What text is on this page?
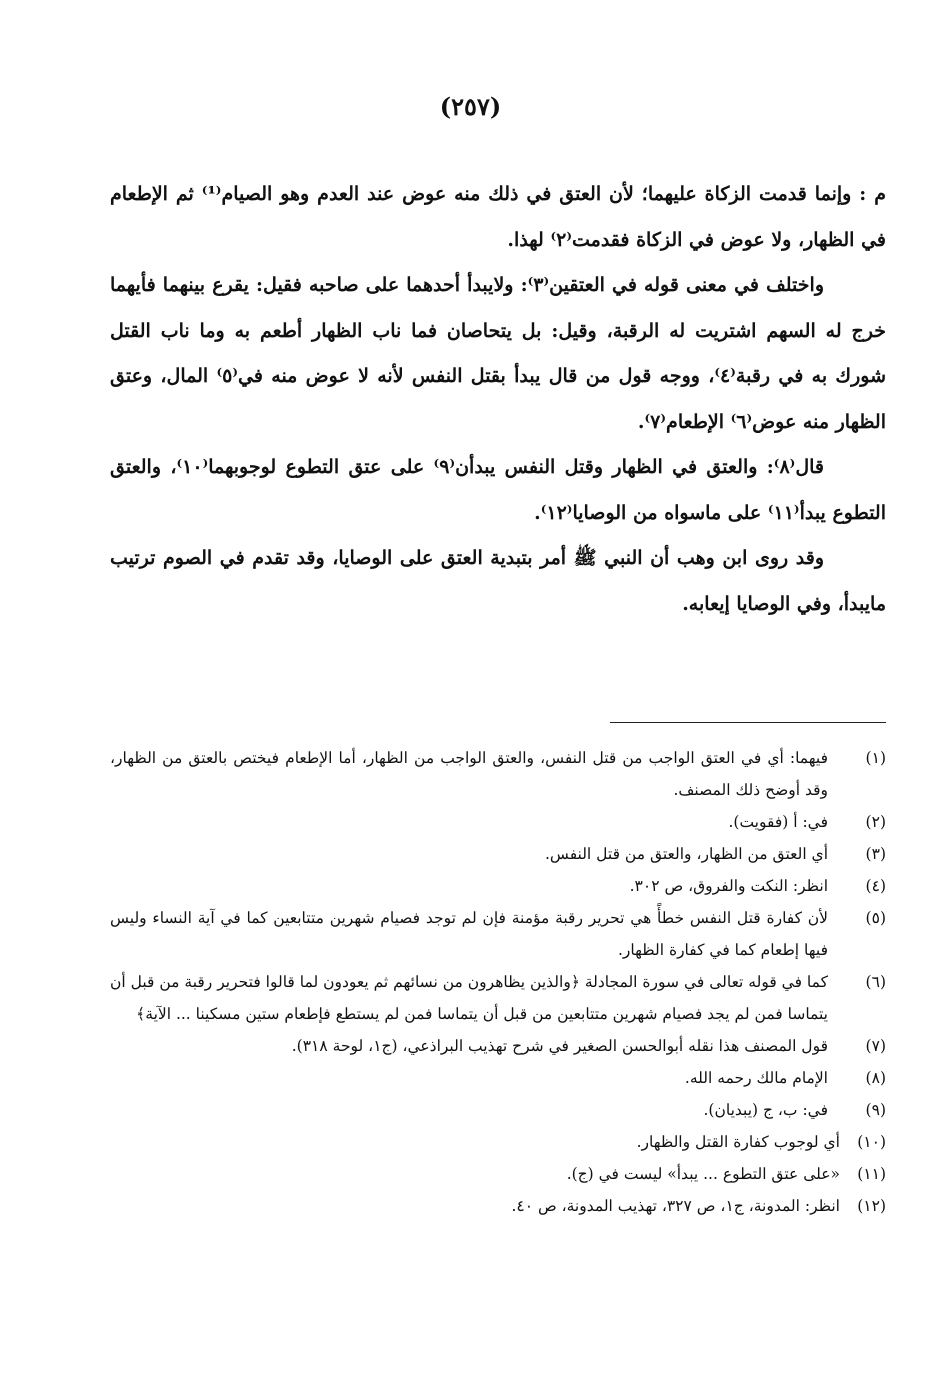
(٢٥٧)

م : وإنما قدمت الزكاة عليهما؛ لأن العتق في ذلك منه عوض عند العدم وهو الصيام⁽¹⁾ ثم الإطعام في الظهار، ولا عوض في الزكاة فقدمت⁽٢⁾ لهذا.

واختلف في معنى قوله في العتقين⁽٣⁾: ولايبدأ أحدهما على صاحبه فقيل: يقرع بينهما فأيهما خرج له السهم اشتريت له الرقبة، وقيل: بل يتحاصان فما ناب الظهار أطعم به وما ناب القتل شورك به في رقبة⁽٤⁾، ووجه قول من قال يبدأ بقتل النفس لأنه لا عوض منه في⁽٥⁾ المال، وعتق الظهار منه عوض⁽٦⁾ الإطعام⁽٧⁾.

قال⁽٨⁾: والعتق في الظهار وقتل النفس يبدأن⁽٩⁾ على عتق التطوع لوجوبهما⁽١٠⁾، والعتق التطوع يبدأ⁽١١⁾ على ماسواه من الوصايا⁽١٢⁾.

وقد روى ابن وهب أن النبي ﷺ أمر بتبدية العتق على الوصايا، وقد تقدم في الصوم ترتيب مايبدأ، وفي الوصايا إيعابه.

(١)
فيهما: أي في العتق الواجب من قتل النفس، والعتق الواجب من الظهار، أما الإطعام فيختص بالعتق من الظهار، وقد أوضح ذلك المصنف.
(٢)
في: أ (فقويت).
(٣)
أي العتق من الظهار، والعتق من قتل النفس.
(٤)
انظر: النكت والفروق، ص ٣٠٢.
(٥)
لأن كفارة قتل النفس خطأً هي تحرير رقبة مؤمنة فإن لم توجد فصيام شهرين متتابعين كما في آية النساء وليس فيها إطعام كما في كفارة الظهار.
(٦)
كما في قوله تعالى في سورة المجادلة ﴿والذين يظاهرون من نسائهم ثم يعودون لما قالوا فتحرير رقبة من قبل أن يتماسا فمن لم يجد فصيام شهرين متتابعين من قبل أن يتماسا فمن لم يستطع فإطعام ستين مسكينا ... الآية﴾
(٧)
قول المصنف هذا نقله أبوالحسن الصغير في شرح تهذيب البراذعي، (ج١، لوحة ٣١٨).
(٨)
الإمام مالك رحمه الله.
(٩)
في: ب، ج (يبديان).
(١٠)
أي لوجوب كفارة القتل والظهار.
(١١)
«على عتق التطوع ... يبدأ» ليست في (ج).
(١٢)
انظر: المدونة، ج١، ص ٣٢٧، تهذيب المدونة، ص ٤٠.
